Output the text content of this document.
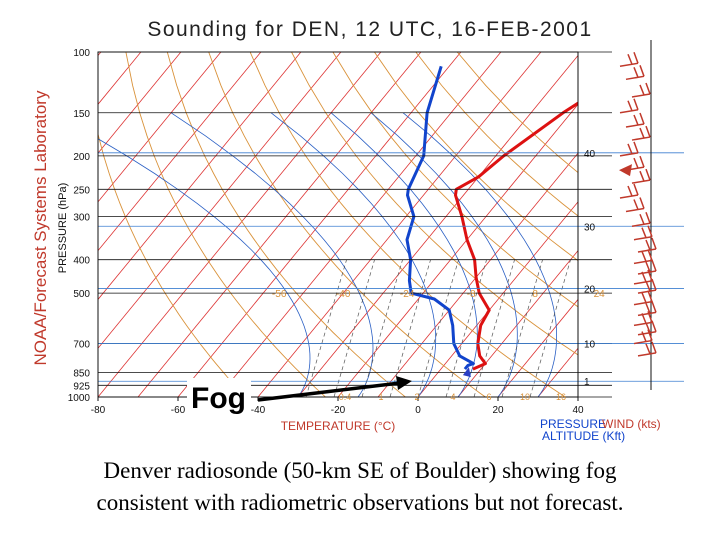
Sounding for DEN, 12 UTC, 16-FEB-2001
NOAA/Forecast Systems Laboratory PRESSURE (hPa)
TEMPERATURE (°C)	PRESSURE
ALTITUDE (Kft)
WIND (kts)
100
150
200
250
300
400
500
700
850
925
1000
1
10
20
30
40
-80	-60	-40	-20	0	20	40
-56	-40	-24	-8	8	24
0.4	1	2	4	6	10	16
Fog
Denver radiosonde (50-km SE of Boulder) showing fog
consistent with radiometric observations but not forecast.
